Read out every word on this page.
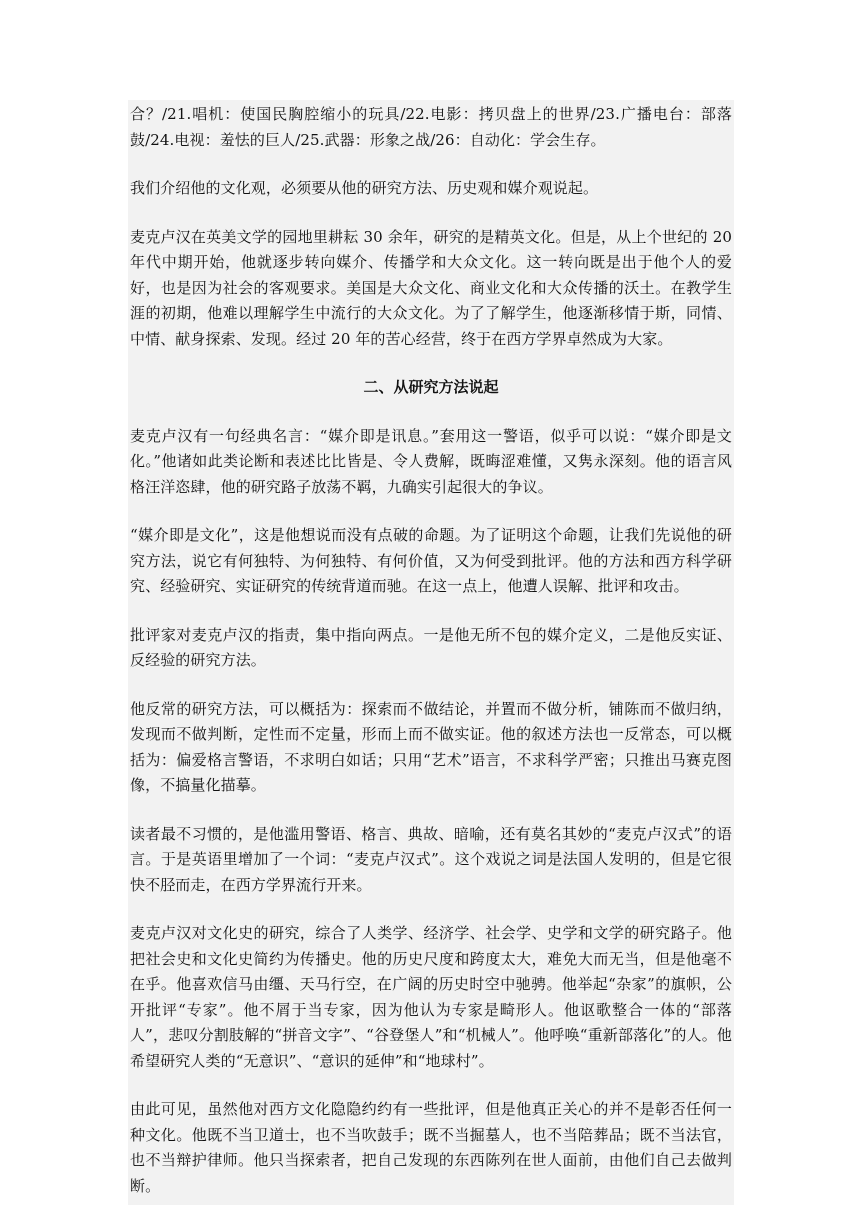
合？/21.唱机：使国民胸腔缩小的玩具/22.电影：拷贝盘上的世界/23.广播电台：部落鼓/24.电视：羞怯的巨人/25.武器：形象之战/26：自动化：学会生存。

我们介绍他的文化观，必须要从他的研究方法、历史观和媒介观说起。

麦克卢汉在英美文学的园地里耕耘 30 余年，研究的是精英文化。但是，从上个世纪的 20 年代中期开始，他就逐步转向媒介、传播学和大众文化。这一转向既是出于他个人的爱好，也是因为社会的客观要求。美国是大众文化、商业文化和大众传播的沃土。在教学生涯的初期，他难以理解学生中流行的大众文化。为了了解学生，他逐渐移情于斯，同情、中情、献身探索、发现。经过 20 年的苦心经营，终于在西方学界卓然成为大家。

二、从研究方法说起

麦克卢汉有一句经典名言：“媒介即是讯息。”套用这一警语，似乎可以说：“媒介即是文化。”他诸如此类论断和表述比比皆是、令人费解，既晦涩难懂，又隽永深刻。他的语言风格汪洋恣肆，他的研究路子放荡不羁，九确实引起很大的争议。

“媒介即是文化”，这是他想说而没有点破的命题。为了证明这个命题，让我们先说他的研究方法，说它有何独特、为何独特、有何价值，又为何受到批评。他的方法和西方科学研究、经验研究、实证研究的传统背道而驰。在这一点上，他遭人误解、批评和攻击。

批评家对麦克卢汉的指责，集中指向两点。一是他无所不包的媒介定义，二是他反实证、反经验的研究方法。

他反常的研究方法，可以概括为：探索而不做结论，并置而不做分析，铺陈而不做归纳，发现而不做判断，定性而不定量，形而上而不做实证。他的叙述方法也一反常态，可以概括为：偏爱格言警语，不求明白如话；只用“艺术”语言，不求科学严密；只推出马赛克图像，不搞量化描摹。

读者最不习惯的，是他滥用警语、格言、典故、暗喻，还有莫名其妙的“麦克卢汉式”的语言。于是英语里增加了一个词：“麦克卢汉式”。这个戏说之词是法国人发明的，但是它很快不胫而走，在西方学界流行开来。

麦克卢汉对文化史的研究，综合了人类学、经济学、社会学、史学和文学的研究路子。他把社会史和文化史简约为传播史。他的历史尺度和跨度太大，难免大而无当，但是他毫不在乎。他喜欢信马由缰、天马行空，在广阔的历史时空中驰骋。他举起“杂家”的旗帜，公开批评“专家”。他不屑于当专家，因为他认为专家是畸形人。他讴歌整合一体的“部落人”，悲叹分割肢解的“拼音文字”、“谷登堡人”和“机械人”。他呼唤“重新部落化”的人。他希望研究人类的“无意识”、“意识的延伸”和“地球村”。

由此可见，虽然他对西方文化隐隐约约有一些批评，但是他真正关心的并不是彰否任何一种文化。他既不当卫道士，也不当吹鼓手；既不当掘墓人，也不当陪葬品；既不当法官，也不当辩护律师。他只当探索者，把自己发现的东西陈列在世人面前，由他们自己去做判断。
